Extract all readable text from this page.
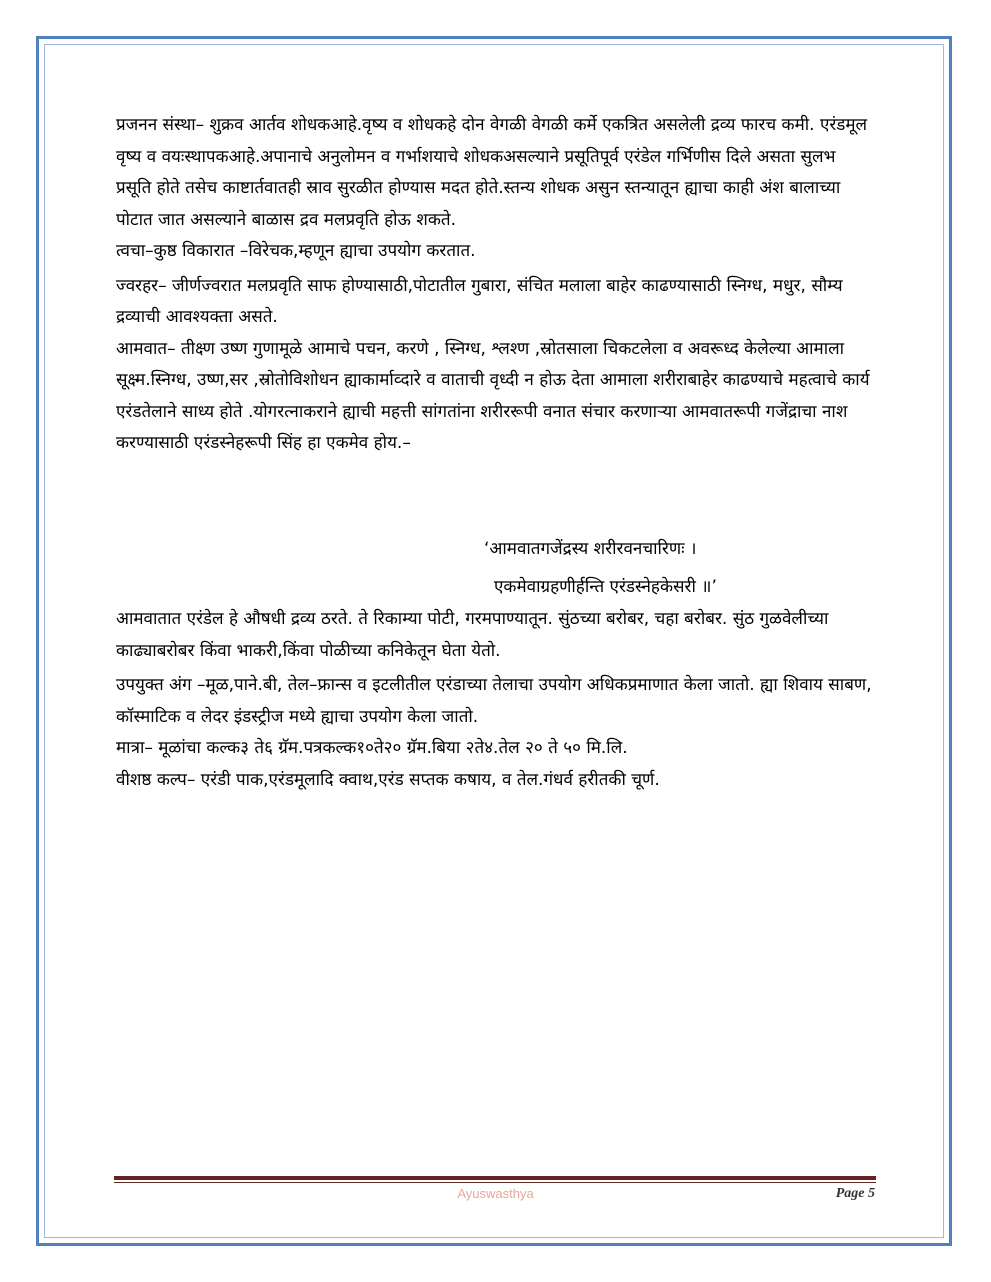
प्रजनन संस्था– शुक्रव आर्तव शोधकआहे.वृष्य व शोधकहे दोन वेगळी वेगळी कर्मे एकत्रित असलेली द्रव्य फारच कमी. एरंडमूल वृष्य व वयःस्थापकआहे.अपानाचे अनुलोमन व गर्भाशयाचे शोधकअसल्याने प्रसूतिपूर्व एरंडेल गर्भिणीस दिले असता सुलभ प्रसूति होते तसेच काष्टार्तवातही स्राव सुरळीत होण्यास मदत होते.स्तन्य शोधक असुन स्तन्यातून ह्याचा काही अंश बालाच्या पोटात जात असल्याने बाळास द्रव मलप्रवृति होऊ शकते.

त्वचा–कुष्ठ विकारात –विरेचक,म्हणून ह्याचा उपयोग करतात.

ज्वरहर– जीर्णज्वरात मलप्रवृति साफ होण्यासाठी,पोटातील गुबारा, संचित मलाला बाहेर काढण्यासाठी स्निग्ध, मधुर, सौम्य द्रव्याची आवश्यक्ता असते.

आमवात– तीक्ष्ण उष्ण गुणामूळे आमाचे पचन, करणे , स्निग्ध, श्लश्ण ,स्रोतसाला चिकटलेला व अवरूध्द केलेल्या आमाला सूक्ष्म.स्निग्ध, उष्ण,सर ,स्रोतोविशोधन ह्याकार्माव्दारे व वाताची वृध्दी न होऊ देता आमाला शरीराबाहेर काढण्याचे महत्वाचे कार्य एरंडतेलाने साध्य होते .योगरत्नाकराने ह्याची महत्ती सांगतांना शरीररूपी वनात संचार करणाऱ्या आमवातरूपी गजेंद्राचा नाश करण्यासाठी एरंडस्नेहरूपी सिंह हा एकमेव होय.–

‘आमवातगजेंद्रस्य शरीरवनचारिणः ।
एकमेवाग्रहणीर्हन्ति एरंडस्नेहकेसरी ॥’

आमवातात एरंडेल हे औषधी द्रव्य ठरते. ते रिकाम्या पोटी, गरमपाण्यातून. सुंठच्या बरोबर, चहा बरोबर. सुंठ गुळवेलीच्या काढ्याबरोबर किंवा भाकरी,किंवा पोळीच्या कनिकेतून घेता येतो.

उपयुक्त अंग –मूळ,पाने.बी, तेल–फ्रान्स व इटलीतील एरंडाच्या तेलाचा उपयोग अधिकप्रमाणात केला जातो. ह्या शिवाय साबण, कॉस्माटिक व लेदर इंडस्ट्रीज मध्ये ह्याचा उपयोग केला जातो.

मात्रा– मूळांचा कल्क३ ते६ ग्रॅम.पत्रकल्क१०ते२० ग्रॅम.बिया २ते४.तेल २० ते ५० मि.लि.

वीशष्ठ कल्प– एरंडी पाक,एरंडमूलादि क्वाथ,एरंड सप्तक कषाय, व तेल.गंधर्व हरीतकी चूर्ण.

Ayuswasthya	Page 5
